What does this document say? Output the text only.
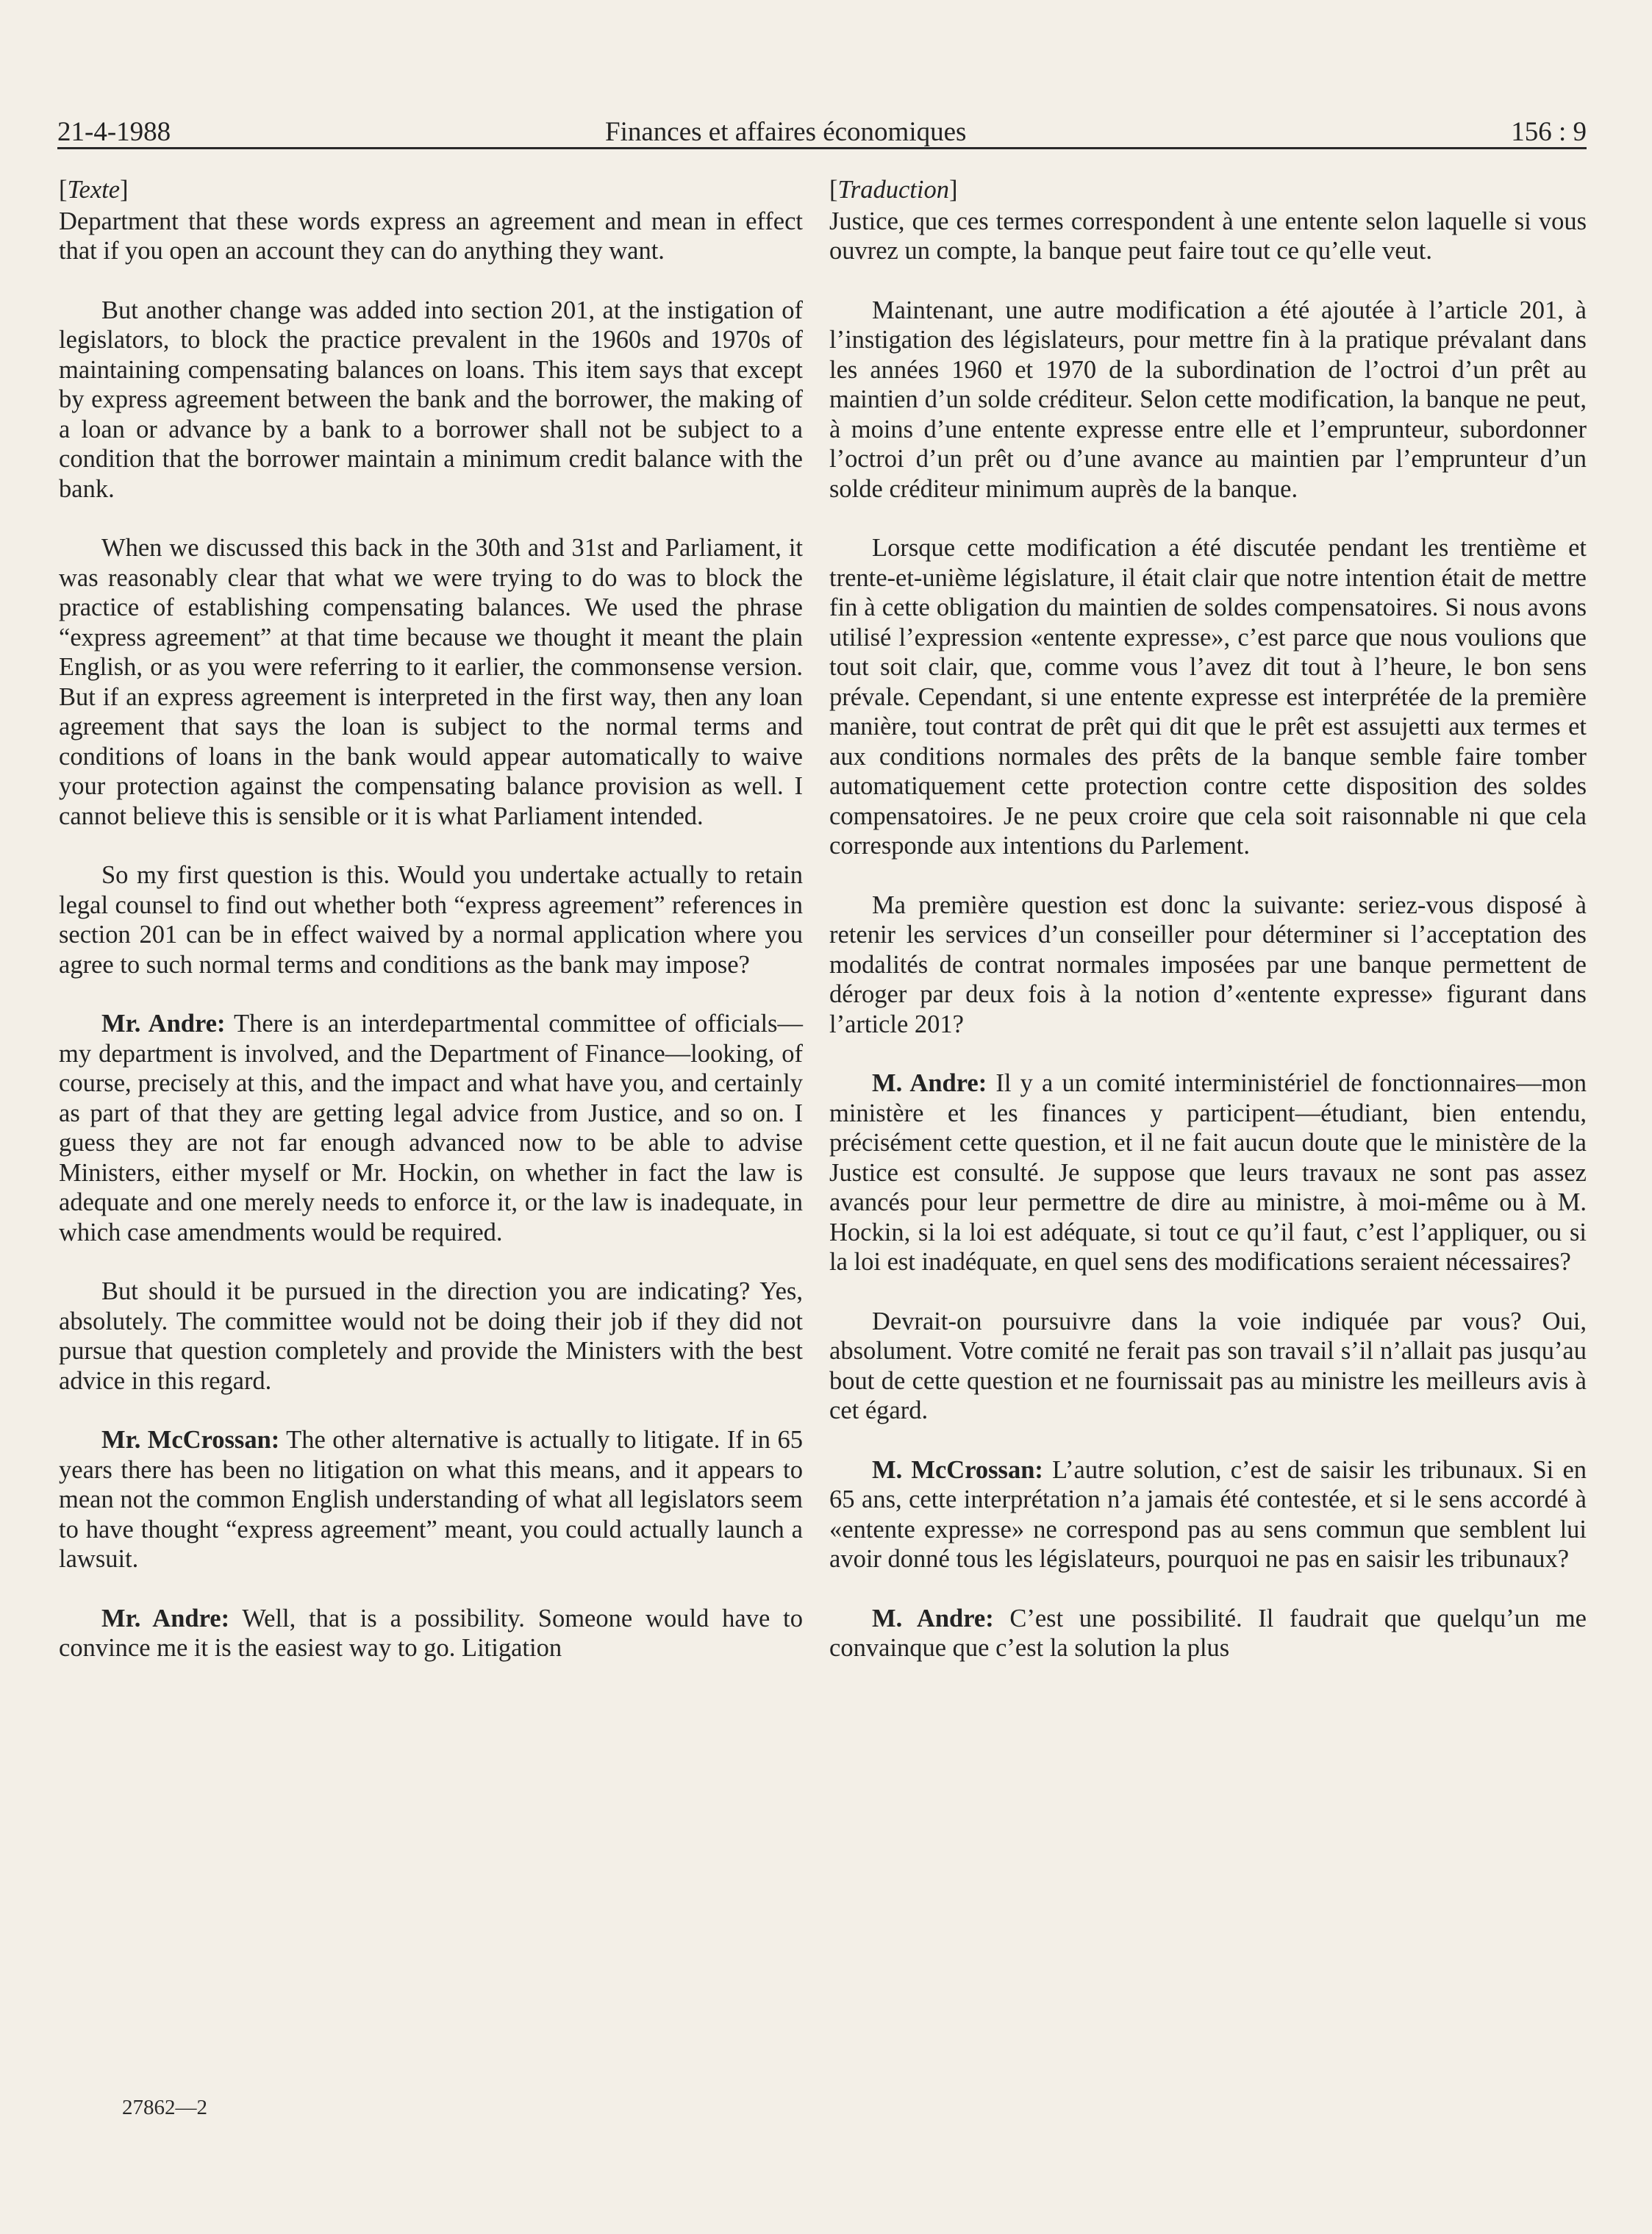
21-4-1988	Finances et affaires économiques	156 : 9
[Texte]

Department that these words express an agreement and mean in effect that if you open an account they can do anything they want.

But another change was added into section 201, at the instigation of legislators, to block the practice prevalent in the 1960s and 1970s of maintaining compensating balances on loans. This item says that except by express agreement between the bank and the borrower, the making of a loan or advance by a bank to a borrower shall not be subject to a condition that the borrower maintain a minimum credit balance with the bank.

When we discussed this back in the 30th and 31st and Parliament, it was reasonably clear that what we were trying to do was to block the practice of establishing compensating balances. We used the phrase “express agreement” at that time because we thought it meant the plain English, or as you were referring to it earlier, the commonsense version. But if an express agreement is interpreted in the first way, then any loan agreement that says the loan is subject to the normal terms and conditions of loans in the bank would appear automatically to waive your protection against the compensating balance provision as well. I cannot believe this is sensible or it is what Parliament intended.

So my first question is this. Would you undertake actually to retain legal counsel to find out whether both “express agreement” references in section 201 can be in effect waived by a normal application where you agree to such normal terms and conditions as the bank may impose?

Mr. Andre: There is an interdepartmental committee of officials—my department is involved, and the Department of Finance—looking, of course, precisely at this, and the impact and what have you, and certainly as part of that they are getting legal advice from Justice, and so on. I guess they are not far enough advanced now to be able to advise Ministers, either myself or Mr. Hockin, on whether in fact the law is adequate and one merely needs to enforce it, or the law is inadequate, in which case amendments would be required.

But should it be pursued in the direction you are indicating? Yes, absolutely. The committee would not be doing their job if they did not pursue that question completely and provide the Ministers with the best advice in this regard.

Mr. McCrossan: The other alternative is actually to litigate. If in 65 years there has been no litigation on what this means, and it appears to mean not the common English understanding of what all legislators seem to have thought “express agreement” meant, you could actually launch a lawsuit.

Mr. Andre: Well, that is a possibility. Someone would have to convince me it is the easiest way to go. Litigation

[Traduction]

Justice, que ces termes correspondent à une entente selon laquelle si vous ouvrez un compte, la banque peut faire tout ce qu’elle veut.

Maintenant, une autre modification a été ajoutée à l’article 201, à l’instigation des législateurs, pour mettre fin à la pratique prévalant dans les années 1960 et 1970 de la subordination de l’octroi d’un prêt au maintien d’un solde créditeur. Selon cette modification, la banque ne peut, à moins d’une entente expresse entre elle et l’emprunteur, subordonner l’octroi d’un prêt ou d’une avance au maintien par l’emprunteur d’un solde créditeur minimum auprès de la banque.

Lorsque cette modification a été discutée pendant les trentième et trente-et-unième législature, il était clair que notre intention était de mettre fin à cette obligation du maintien de soldes compensatoires. Si nous avons utilisé l’expression «entente expresse», c’est parce que nous voulions que tout soit clair, que, comme vous l’avez dit tout à l’heure, le bon sens prévale. Cependant, si une entente expresse est interprétée de la première manière, tout contrat de prêt qui dit que le prêt est assujetti aux termes et aux conditions normales des prêts de la banque semble faire tomber automatiquement cette protection contre cette disposition des soldes compensatoires. Je ne peux croire que cela soit raisonnable ni que cela corresponde aux intentions du Parlement.

Ma première question est donc la suivante: seriez-vous disposé à retenir les services d’un conseiller pour déterminer si l’acceptation des modalités de contrat normales imposées par une banque permettent de déroger par deux fois à la notion d’«entente expresse» figurant dans l’article 201?

M. Andre: Il y a un comité interministériel de fonctionnaires—mon ministère et les finances y participent—étudiant, bien entendu, précisément cette question, et il ne fait aucun doute que le ministère de la Justice est consulté. Je suppose que leurs travaux ne sont pas assez avancés pour leur permettre de dire au ministre, à moi-même ou à M. Hockin, si la loi est adéquate, si tout ce qu’il faut, c’est l’appliquer, ou si la loi est inadéquate, en quel sens des modifications seraient nécessaires?

Devrait-on poursuivre dans la voie indiquée par vous? Oui, absolument. Votre comité ne ferait pas son travail s’il n’allait pas jusqu’au bout de cette question et ne fournissait pas au ministre les meilleurs avis à cet égard.

M. McCrossan: L’autre solution, c’est de saisir les tribunaux. Si en 65 ans, cette interprétation n’a jamais été contestée, et si le sens accordé à «entente expresse» ne correspond pas au sens commun que semblent lui avoir donné tous les législateurs, pourquoi ne pas en saisir les tribunaux?

M. Andre: C’est une possibilité. Il faudrait que quelqu’un me convainque que c’est la solution la plus

27862—2
